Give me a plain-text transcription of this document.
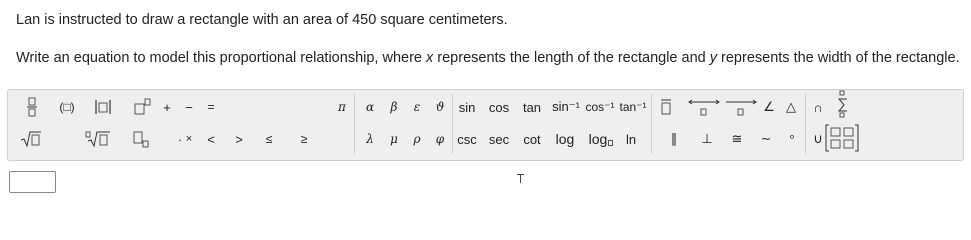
Lan is instructed to draw a rectangle with an area of 450 square centimeters.
Write an equation to model this proportional relationship, where x represents the length of the rectangle and y represents the width of the rectangle.
(□)	+ − =
· × < > ≤ ≥
π α β ε ϑ
λ μ ρ φ
sin cos tan sin⁻¹ cos⁻¹ tan⁻¹
csc sec cot log log	ln
∠ △
∥ ⊥ ≅ ∼ °
∩
∪
